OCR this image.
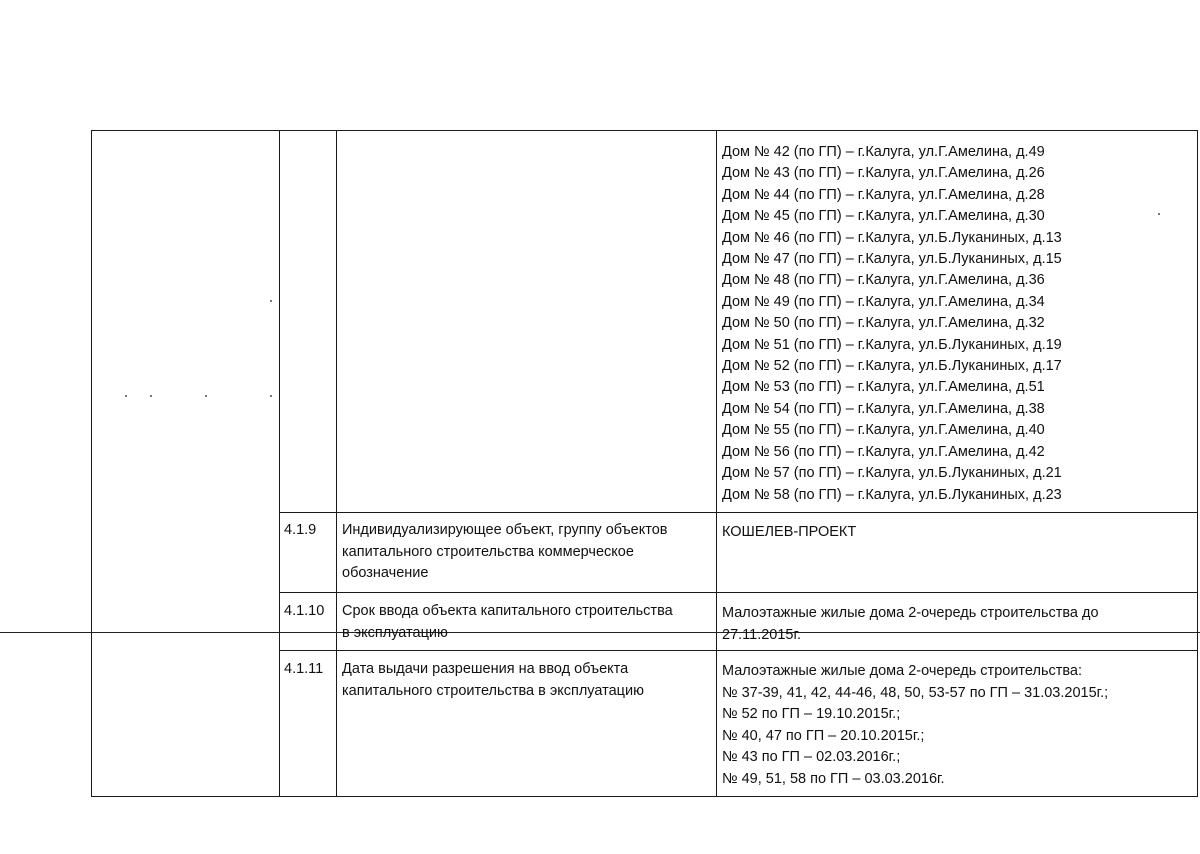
Дом № 42 (по ГП) – г.Калуга, ул.Г.Амелина, д.49
Дом № 43 (по ГП) – г.Калуга, ул.Г.Амелина, д.26
Дом № 44 (по ГП) – г.Калуга, ул.Г.Амелина, д.28
Дом № 45 (по ГП) – г.Калуга, ул.Г.Амелина, д.30
Дом № 46 (по ГП) – г.Калуга, ул.Б.Луканиных, д.13
Дом № 47 (по ГП) – г.Калуга, ул.Б.Луканиных, д.15
Дом № 48 (по ГП) – г.Калуга, ул.Г.Амелина, д.36
Дом № 49 (по ГП) – г.Калуга, ул.Г.Амелина, д.34
Дом № 50 (по ГП) – г.Калуга, ул.Г.Амелина, д.32
Дом № 51 (по ГП) – г.Калуга, ул.Б.Луканиных, д.19
Дом № 52 (по ГП) – г.Калуга, ул.Б.Луканиных, д.17
Дом № 53 (по ГП) – г.Калуга, ул.Г.Амелина, д.51
Дом № 54 (по ГП) – г.Калуга, ул.Г.Амелина, д.38
Дом № 55 (по ГП) – г.Калуга, ул.Г.Амелина, д.40
Дом № 56 (по ГП) – г.Калуга, ул.Г.Амелина, д.42
Дом № 57 (по ГП) – г.Калуга, ул.Б.Луканиных, д.21
Дом № 58 (по ГП) – г.Калуга, ул.Б.Луканиных, д.23
4.1.9 Индивидуализирующее объект, группу объектов
капитального строительства коммерческое
обозначение
КОШЕЛЕВ-ПРОЕКТ
4.1.10 Срок ввода объекта капитального строительства
в эксплуатацию
Малоэтажные жилые дома 2-очередь строительства до
27.11.2015г.
4.1.11 Дата выдачи разрешения на ввод объекта
капитального строительства в эксплуатацию
Малоэтажные жилые дома 2-очередь строительства:
№ 37-39, 41, 42, 44-46, 48, 50, 53-57 по ГП – 31.03.2015г.;
№ 52 по ГП – 19.10.2015г.;
№ 40, 47 по ГП – 20.10.2015г.;
№ 43 по ГП – 02.03.2016г.;
№ 49, 51, 58 по ГП – 03.03.2016г.
